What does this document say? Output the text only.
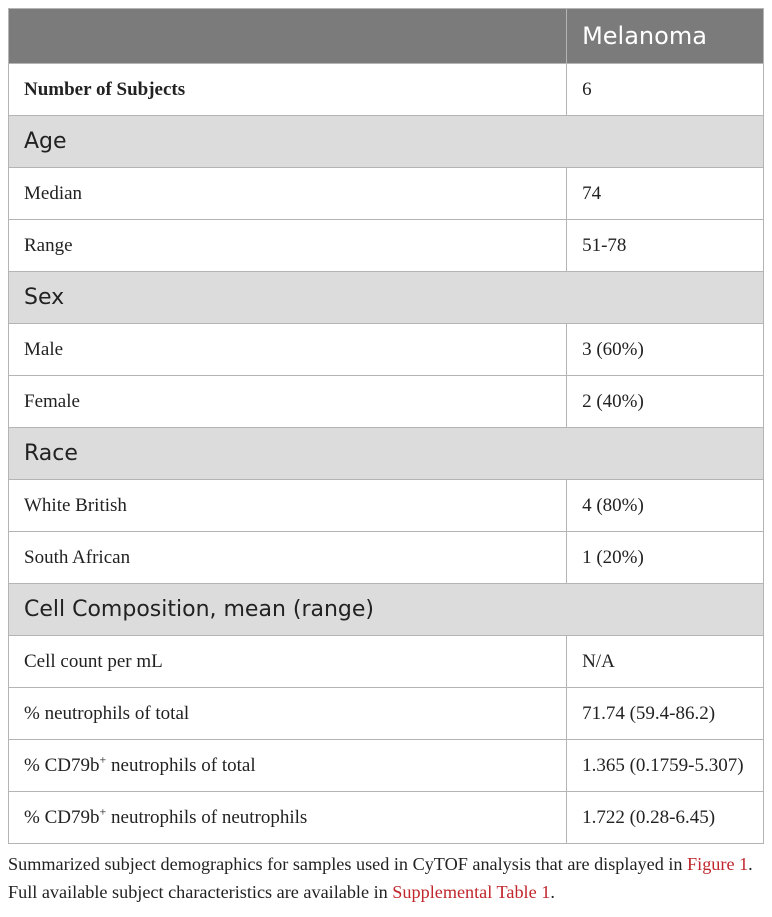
	Melanoma
Number of Subjects	6
Age	
Median	74
Range	51-78
Sex	
Male	3 (60%)
Female	2 (40%)
Race	
White British	4 (80%)
South African	1 (20%)
Cell Composition, mean (range)	
Cell count per mL	N/A
% neutrophils of total	71.74 (59.4-86.2)
% CD79b+ neutrophils of total	1.365 (0.1759-5.307)
% CD79b+ neutrophils of neutrophils	1.722 (0.28-6.45)
Summarized subject demographics for samples used in CyTOF analysis that are displayed in Figure 1. Full available subject characteristics are available in Supplemental Table 1.
